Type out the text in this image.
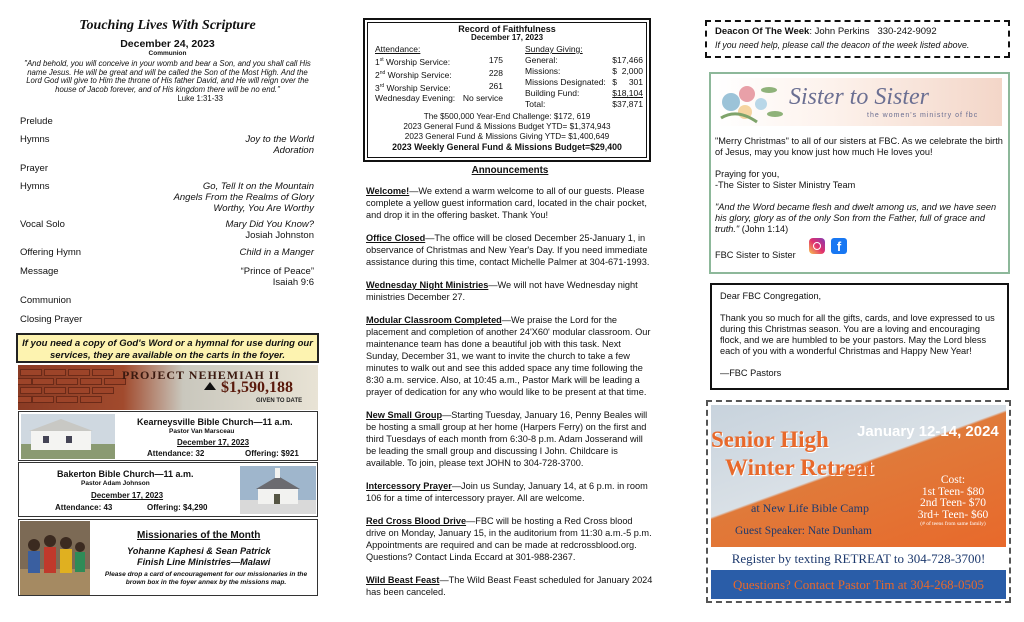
Touching Lives With Scripture
December 24, 2023
Communion
"And behold, you will conceive in your womb and bear a Son, and you shall call His name Jesus. He will be great and will be called the Son of the Most High. And the Lord God will give to Him the throne of His father David, and He will reign over the house of Jacob forever, and of His kingdom there will be no end."
Luke 1:31-33
Prelude
Hymns	Joy to the World
Adoration
Prayer
Hymns	Go, Tell It on the Mountain
Angels From the Realms of Glory
Worthy, You Are Worthy
Vocal Solo	Mary Did You Know?
Josiah Johnston
Offering Hymn	Child in a Manger
Message	“Prince of Peace”
Isaiah 9:6
Communion
Closing Prayer
If you need a copy of God's Word or a hymnal for use during our services, they are available on the carts in the foyer.
PROJECT NEHEMIAH II
$1,590,188
GIVEN TO DATE
Kearneysville Bible Church—11 a.m.
Pastor Van Marsceau
December 17, 2023
Attendance: 32	Offering: $921
Bakerton Bible Church—11 a.m.
Pastor Adam Johnson
December 17, 2023
Attendance: 43	Offering: $4,290
Missionaries of the Month
Yohanne Kaphesi & Sean Patrick
Finish Line Ministries—Malawi
Please drop a card of encouragement for our missionaries in the brown box in the foyer annex by the missions map.
Record of Faithfulness
December 17, 2023
Attendance:
1st Worship Service:	175
2nd Worship Service:	228
3rd Worship Service:	261
Wednesday Evening: No service
Sunday Giving:
General:	$17,466
Missions:	$  2,000
Missions Designated: $     301
Building Fund:	$18,104
Total:	$37,871
The $500,000 Year-End Challenge: $172, 619
2023 General Fund & Missions Budget YTD= $1,374,943
2023 General Fund & Missions Giving YTD= $1,400,649
2023 Weekly General Fund & Missions Budget=$29,400
Announcements

Welcome!—We extend a warm welcome to all of our guests. Please complete a yellow guest information card, located in the chair pocket, and drop it in the offering basket. Thank You!

Office Closed—The office will be closed December 25-January 1, in observance of Christmas and New Year's Day. If you need immediate assistance during this time, contact Michelle Palmer at 304-671-1993.

Wednesday Night Ministries—We will not have Wednesday night ministries December 27.

Modular Classroom Completed—We praise the Lord for the placement and completion of another 24'X60' modular classroom. Our maintenance team has done a beautiful job with this task. Next Sunday, December 31, we want to invite the church to take a few minutes to walk out and see this added space any time following the 8:30 a.m. service. Also, at 10:45 a.m., Pastor Mark will be leading a prayer of dedication for any who would like to be present at that time.

New Small Group—Starting Tuesday, January 16, Penny Beales will be hosting a small group at her home (Harpers Ferry) on the first and third Tuesdays of each month from 6:30-8 p.m. Adam Josserand will be leading the small group and discussing I John. Childcare is available. To join, please text JOHN to 304-728-3700.

Intercessory Prayer—Join us Sunday, January 14, at 6 p.m. in room 106 for a time of intercessory prayer. All are welcome.

Red Cross Blood Drive—FBC will be hosting a Red Cross blood drive on Monday, January 15, in the auditorium from 11:30 a.m.-5 p.m. Appointments are required and can be made at redcrossblood.org. Questions? Contact Linda Eccard at 301-988-2367.

Wild Beast Feast—The Wild Beast Feast scheduled for January 2024 has been canceled.

Deacon Of The Week: John Perkins 330-242-9092
If you need help, please call the deacon of the week listed above.
Sister to Sister
the women's ministry of fbc
"Merry Christmas" to all of our sisters at FBC. As we celebrate the birth of Jesus, may you know just how much He loves you!
Praying for you,
-The Sister to Sister Ministry Team
"And the Word became flesh and dwelt among us, and we have seen his glory, glory as of the only Son from the Father, full of grace and truth." (John 1:14)
FBC Sister to Sister
f
Dear FBC Congregation,
Thank you so much for all the gifts, cards, and love expressed to us during this Christmas season. You are a loving and encouraging flock, and we are humbled to be your pastors. May the Lord bless each of you with a wonderful Christmas and Happy New Year!
—FBC Pastors
Senior High
Winter Retreat
January 12-14, 2024
at New Life Bible Camp
Guest Speaker: Nate Dunham
Cost:
1st Teen- $80
2nd Teen- $70
3rd+ Teen- $60
(# of teens from same family)
Register by texting RETREAT to 304-728-3700!
Questions? Contact Pastor Tim at 304-268-0505
